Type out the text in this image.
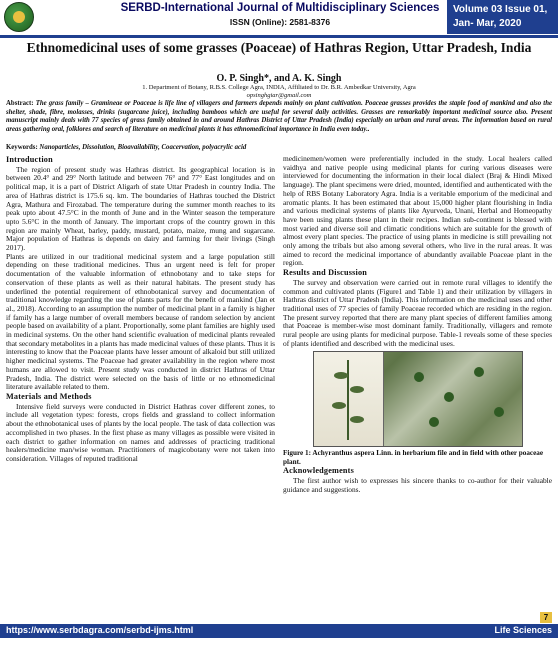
SERBD-International Journal of Multidisciplinary Sciences
ISSN (Online): 2581-8376
Volume 03 Issue 01,
Jan- Mar, 2020
Ethnomedicinal uses of some grasses (Poaceae) of Hathras Region, Uttar Pradesh, India
O. P. Singh*, and A. K. Singh
1. Department of Botany, R.B.S. College Agra, INDIA, Affiliated to Dr. B.R. Ambedkar University, Agra
opsinghgiar@gmail.com
Abstract: The grass family – Gramineae or Poaceae is life line of villagers and farmers depends mainly on plant cultivation. Poaceae grasses provides the staple food of mankind and also the shelter, shade, fibre, molasses, drinks (sugarcane juice), including bamboos which are useful for several daily activities. Grasses are remarkably important medicinal source also. Present manuscript mainly deals with 77 species of grass family obtained in and around Hathras District of Uttar Pradesh (India) especially on urban and rural areas. The information based on rural areas gathering oral, folklores and search of literature on medicinal plants it has ethnomedicinal importance in India even today..
Keywords: Nanoparticles, Dissolution, Bioavailability, Coacervation, polyacrylic acid
Introduction
The region of present study was Hathras district. Its geographical location is in between 20.4° and 29° North latitude and between 76° and 77° East longitudes and on political map, it is a part of District Aligarh of state Uttar Pradesh in country India. The area of Hathras district is 175.6 sq. km. The boundaries of Hathras touched the District Agra, Mathura and Firozabad. The temperature during the summer month reaches to its peak upto about 47.5°C in the month of June and in the Winter season the temperature upto 5.6°C in the month of January. The important crops of the country grown in this region are mainly Wheat, barley, paddy, mustard, potato, maize, mung and sugarcane. Major population of Hathras is depends on dairy and farming for their livings (Singh 2017).
Plants are utilized in our traditional medicinal system and a large population still depending on these traditional medicines. Thus an urgent need is felt for proper documentation of the valuable information of ethnobotany and to take steps for conservation of these plants as well as their natural habitats. The present study has underlined the potential requirement of ethnobotanical survey and documentation of traditional knowledge regarding the use of plants parts for the benefit of mankind (Jan et al., 2018). According to an assumption the number of medicinal plant in a family is higher if family has a large number of overall members because of random selection by ancient people based on availability of a plant. Proportionally, some plant families are highly used in medicinal systems. On the other hand scientific evaluation of medicinal plants revealed that secondary metabolites in a plants has made medicinal values of these plants. Thus it is interesting to know that the Poaceae plants have lesser amount of alkaloid but still utilized higher medicinal systems. The Poaceae had greater availability in the region where most humans are allowed to visit. Present study was conducted in district Hathras of Uttar Pradesh, India. The district were selected on the basis of little or no ethnomedicinal literature available related to them.
Materials and Methods
Intensive field surveys were conducted in District Hathras cover different zones, to include all vegetation types: forests, crops fields and grassland to collect information about the ethnobotanical uses of plants by the local people. The task of data collection was accomplished in two phases. In the first phase as many villages as possible were visited in each district to gather information on names and addresses of practicing traditional healers/medicine man/wise woman. Practitioners of magicobotany were not taken into consideration. Villages of reputed traditional
medicinemen/women were preferentially included in the study. Local healers called vaidhya and native people using medicinal plants for curing various diseases were interviewed for documenting the information in their local dialect (Braj & Hindi Mixed language). The plant specimens were dried, mounted, identified and authenticated with the help of RBS Botany Laboratory Agra. India is a veritable emporium of the medicinal and aromatic plants. It has been estimated that about 15,000 higher plant flourishing in India and various medicinal systems of plants like Ayurveda, Unani, Herbal and Homeopathy have been using plants these plant in their recipes. Indian sub-continent is blessed with most varied and diverse soil and climatic conditions which are suitable for the growth of almost every plant species. The practice of using plants in medicine is still prevailing not only among the tribals but also among several others, who live in the rural areas. It was aimed to record the medicinal importance of abundantly available Poaceae plant in the region.
Results and Discussion
The survey and observation were carried out in remote rural villages to identify the common and cultivated plants (Figure1 and Table 1) and their utilization by villagers in Hathras district of Uttar Pradesh (India). This information on the medicinal uses and other traditional uses of 77 species of family Poaceae recorded which are residing in the region. The present survey reported that there are many plant species of different families among that Poaceae is member-wise most dominant family. Traditionally, villagers and remote rural people are using plants for medicinal purpose. Table-1 reveals some of these species of plants identified and described with the medicinal uses.
Figure 1: Achyranthus aspera Linn. in herbarium file and in field with other poaceae plant.
Acknowledgements
The first author wish to expresses his sincere thanks to co-author for their valuable guidance and suggestions.
7
https://www.serbdagra.com/serbd-ijms.html	Life Sciences
